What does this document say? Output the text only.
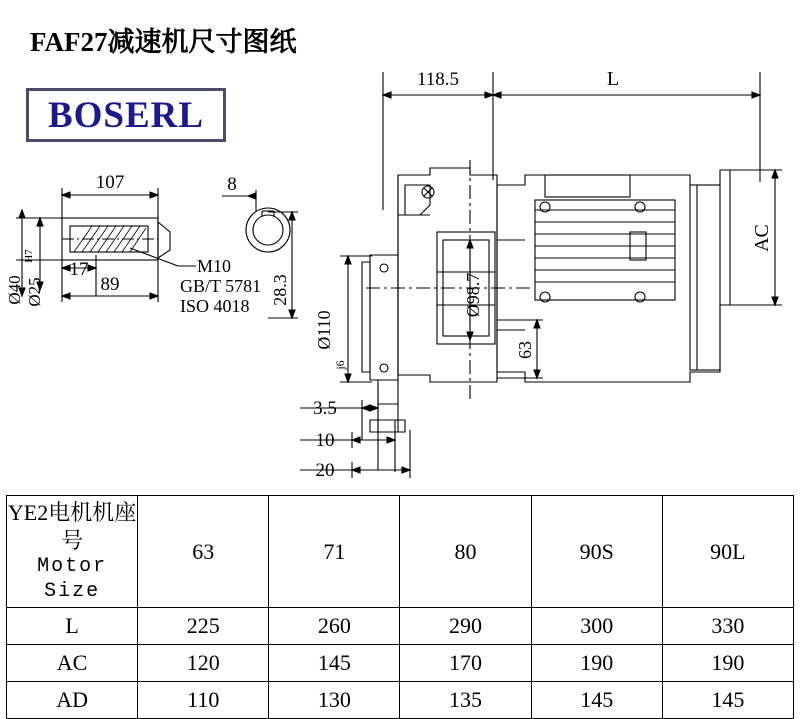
FAF27减速机尺寸图纸
BOSERL
118.5	L
AC
107	8
17
89
Ø40 Ø25
H7	M10
GB/T 5781
ISO 4018
28.3	Ø98.7
Ø110
j6
63
3.5
10
20
YE2电机机座号
Motor Size	63	71	80	90S	90L
L	225	260	290	300	330
AC	120	145	170	190	190
AD	110	130	135	145	145
